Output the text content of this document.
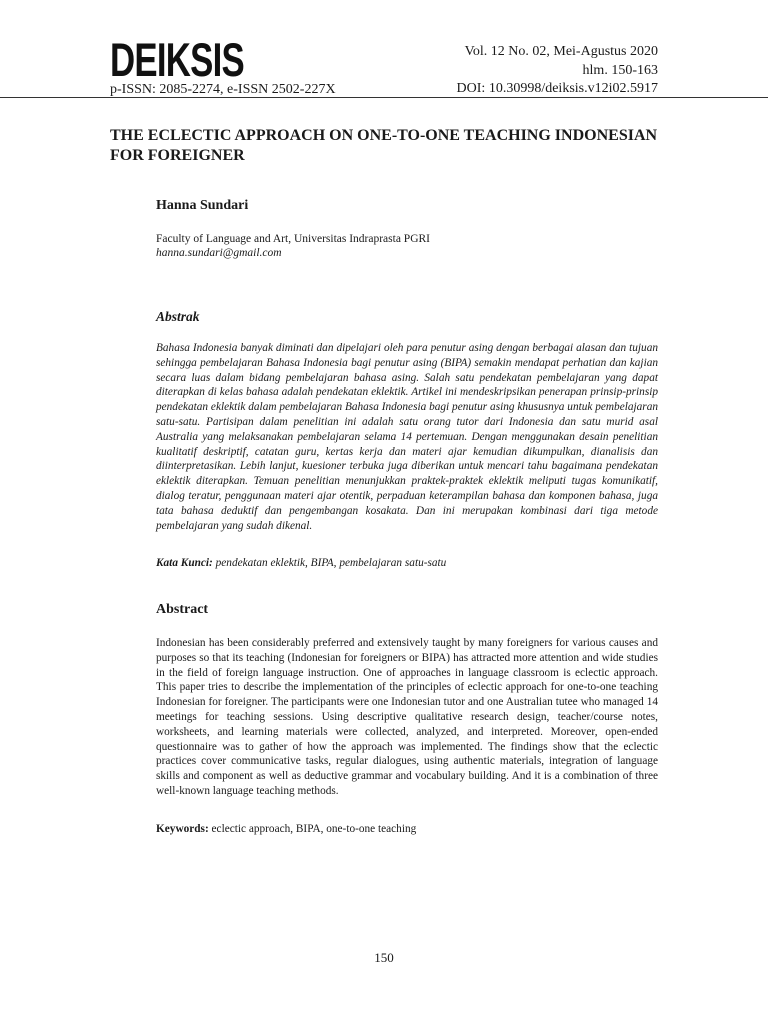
DEIKSIS
p-ISSN: 2085-2274, e-ISSN 2502-227X
Vol. 12 No. 02, Mei-Agustus 2020
hlm. 150-163
DOI: 10.30998/deiksis.v12i02.5917
THE ECLECTIC APPROACH ON ONE-TO-ONE TEACHING INDONESIAN FOR FOREIGNER
Hanna Sundari
Faculty of Language and Art, Universitas Indraprasta PGRI
hanna.sundari@gmail.com
Abstrak

Bahasa Indonesia banyak diminati dan dipelajari oleh para penutur asing dengan berbagai alasan dan tujuan sehingga pembelajaran Bahasa Indonesia bagi penutur asing (BIPA) semakin mendapat perhatian dan kajian secara luas dalam bidang pembelajaran bahasa asing. Salah satu pendekatan pembelajaran yang dapat diterapkan di kelas bahasa adalah pendekatan eklektik. Artikel ini mendeskripsikan penerapan prinsip-prinsip pendekatan eklektik dalam pembelajaran Bahasa Indonesia bagi penutur asing khususnya untuk pembelajaran satu-satu. Partisipan dalam penelitian ini adalah satu orang tutor dari Indonesia dan satu murid asal Australia yang melaksanakan pembelajaran selama 14 pertemuan. Dengan menggunakan desain penelitian kualitatif deskriptif, catatan guru, kertas kerja dan materi ajar kemudian dikumpulkan, dianalisis dan diinterpretasikan. Lebih lanjut, kuesioner terbuka juga diberikan untuk mencari tahu bagaimana pendekatan eklektik diterapkan. Temuan penelitian menunjukkan praktek-praktek eklektik meliputi tugas komunikatif, dialog teratur, penggunaan materi ajar otentik, perpaduan keterampilan bahasa dan komponen bahasa, juga tata bahasa deduktif dan pengembangan kosakata. Dan ini merupakan kombinasi dari tiga metode pembelajaran yang sudah dikenal.

Kata Kunci: pendekatan eklektik, BIPA, pembelajaran satu-satu
Abstract

Indonesian has been considerably preferred and extensively taught by many foreigners for various causes and purposes so that its teaching (Indonesian for foreigners or BIPA) has attracted more attention and wide studies in the field of foreign language instruction. One of approaches in language classroom is eclectic approach. This paper tries to describe the implementation of the principles of eclectic approach for one-to-one teaching Indonesian for foreigner. The participants were one Indonesian tutor and one Australian tutee who managed 14 meetings for teaching sessions. Using descriptive qualitative research design, teacher/course notes, worksheets, and learning materials were collected, analyzed, and interpreted. Moreover, open-ended questionnaire was to gather of how the approach was implemented. The findings show that the eclectic practices cover communicative tasks, regular dialogues, using authentic materials, integration of language skills and component as well as deductive grammar and vocabulary building. And it is a combination of three well-known language teaching methods.

Keywords: eclectic approach, BIPA, one-to-one teaching
150
